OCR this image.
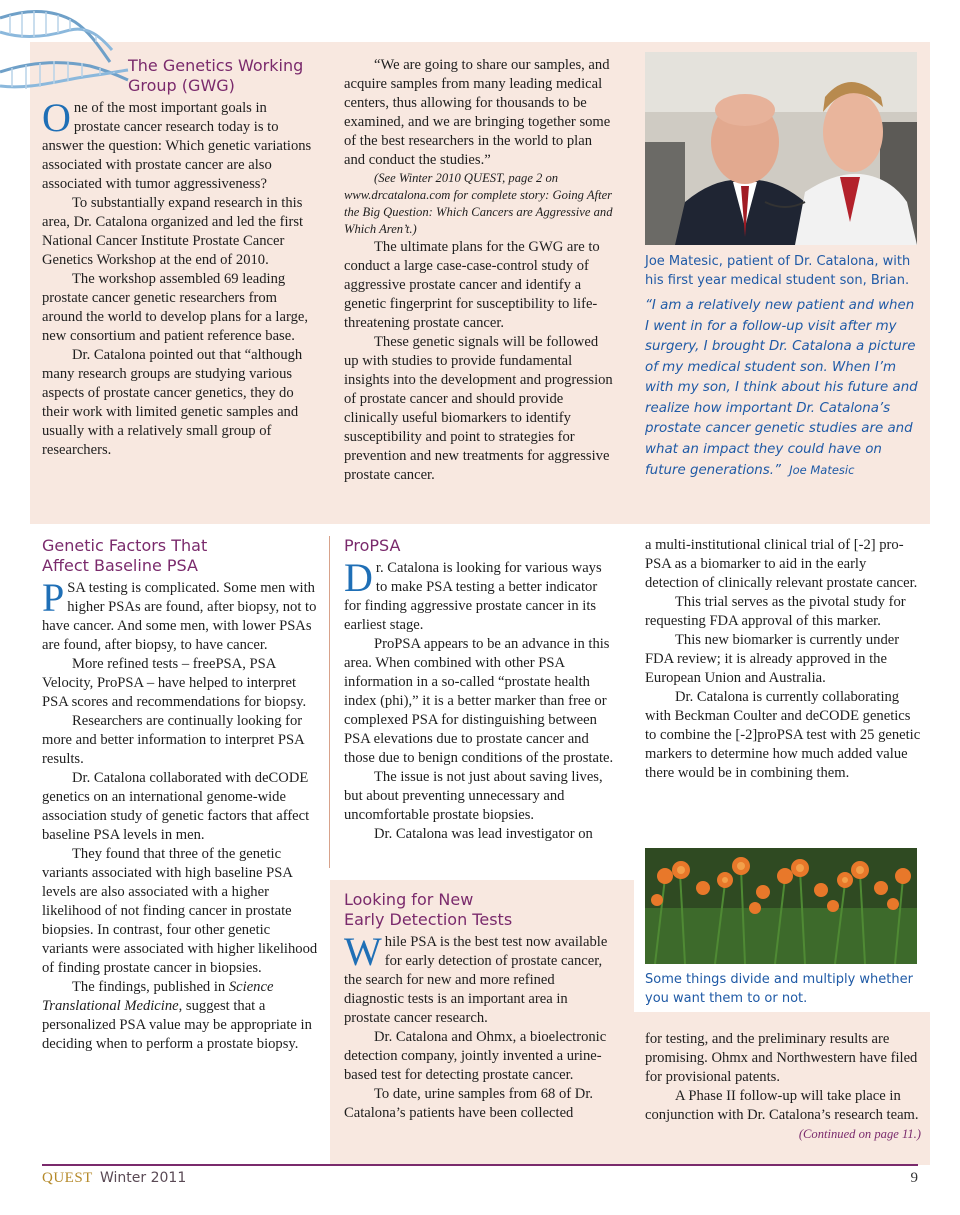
The Genetics Working Group (GWG)

One of the most important goals in prostate cancer research today is to answer the question: Which genetic variations associated with prostate cancer are also associated with tumor aggressiveness?

To substantially expand research in this area, Dr. Catalona organized and led the first National Cancer Institute Prostate Cancer Genetics Workshop at the end of 2010.

The workshop assembled 69 leading prostate cancer genetic researchers from around the world to develop plans for a large, new consortium and patient reference base.

Dr. Catalona pointed out that “although many research groups are studying various aspects of prostate cancer genetics, they do their work with limited genetic samples and usually with a relatively small group of researchers.

“We are going to share our samples, and acquire samples from many leading medical centers, thus allowing for thousands to be examined, and we are bringing together some of the best researchers in the world to plan and conduct the studies.”

(See Winter 2010 QUEST, page 2 on www.drcatalona.com for complete story: Going After the Big Question: Which Cancers are Aggressive and Which Aren’t.)

The ultimate plans for the GWG are to conduct a large case-case-control study of aggressive prostate cancer and identify a genetic fingerprint for susceptibility to life-threatening prostate cancer.

These genetic signals will be followed up with studies to provide fundamental insights into the development and progression of prostate cancer and should provide clinically useful biomarkers to identify susceptibility and point to strategies for prevention and new treatments for aggressive prostate cancer.

Joe Matesic, patient of Dr. Catalona, with his first year medical student son, Brian.
“I am a relatively new patient and when I went in for a follow-up visit after my surgery, I brought Dr. Catalona a picture of my medical student son. When I’m with my son, I think about his future and realize how important Dr. Catalona’s prostate cancer genetic studies are and what an impact they could have on future generations.” Joe Matesic
Genetic Factors That
Affect Baseline PSA

PSA testing is complicated. Some men with higher PSAs are found, after biopsy, not to have cancer. And some men, with lower PSAs are found, after biopsy, to have cancer.

More refined tests – freePSA, PSA Velocity, ProPSA – have helped to interpret PSA scores and recommendations for biopsy.

Researchers are continually looking for more and better information to interpret PSA results.

Dr. Catalona collaborated with deCODE genetics on an international genome-wide association study of genetic factors that affect baseline PSA levels in men.

They found that three of the genetic variants associated with high baseline PSA levels are also associated with a higher likelihood of not finding cancer in prostate biopsies. In contrast, four other genetic variants were associated with higher likelihood of finding prostate cancer in biopsies.

The findings, published in Science Translational Medicine, suggest that a personalized PSA value may be appropriate in deciding when to perform a prostate biopsy.

ProPSA

Dr. Catalona is looking for various ways to make PSA testing a better indicator for finding aggressive prostate cancer in its earliest stage.

ProPSA appears to be an advance in this area. When combined with other PSA information in a so-called “prostate health index (phi),” it is a better marker than free or complexed PSA for distinguishing between PSA elevations due to prostate cancer and those due to benign conditions of the prostate.

The issue is not just about saving lives, but about preventing unnecessary and uncomfortable prostate biopsies.

Dr. Catalona was lead investigator on

Looking for New
Early Detection Tests

While PSA is the best test now available for early detection of prostate cancer, the search for new and more refined diagnostic tests is an important area in prostate cancer research.

Dr. Catalona and Ohmx, a bioelectronic detection company, jointly invented a urine-based test for detecting prostate cancer.

To date, urine samples from 68 of Dr. Catalona’s patients have been collected

a multi-institutional clinical trial of [-2] pro-PSA as a biomarker to aid in the early detection of clinically relevant prostate cancer.

This trial serves as the pivotal study for requesting FDA approval of this marker.

This new biomarker is currently under FDA review; it is already approved in the European Union and Australia.

Dr. Catalona is currently collaborating with Beckman Coulter and deCODE genetics to combine the [-2]proPSA test with 25 genetic markers to determine how much added value there would be in combining them.

Some things divide and multiply whether you want them to or not.

for testing, and the preliminary results are promising. Ohmx and Northwestern have filed for provisional patents.

A Phase II follow-up will take place in conjunction with Dr. Catalona’s research team.

(Continued on page 11.)

QUEST Winter 2011	9
